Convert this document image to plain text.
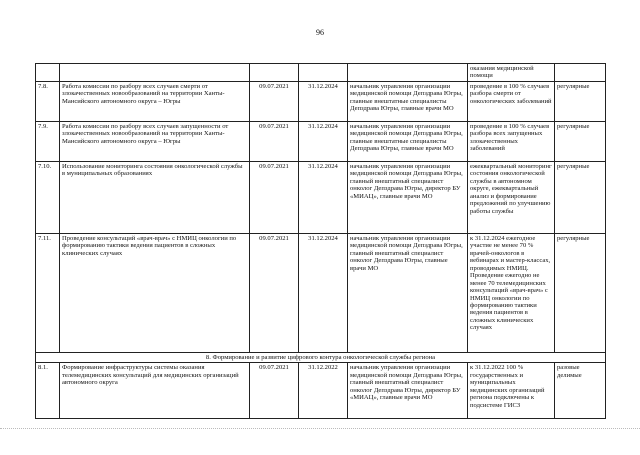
96
					оказания медицинской помощи	
7.8.	Работа комиссии по разбору всех случаев смерти от злокачественных новообразований на территории Ханты-Мансийского автономного округа – Югры	09.07.2021	31.12.2024	начальник управления организации медицинской помощи Депздрава Югры, главные внештатные специалисты Депздрава Югры, главные врачи МО	проведение в 100 % случаев разбора смерти от онкологических заболеваний	регулярные
7.9.	Работа комиссии по разбору всех случаев запущенности от злокачественных новообразований на территории Ханты-Мансийского автономного округа – Югры	09.07.2021	31.12.2024	начальник управления организации медицинской помощи Депздрава Югры, главные внештатные специалисты Депздрава Югры, главные врачи МО	проведение в 100 % случаев разбора всех запущенных злокачественных заболеваний	регулярные
7.10.	Использование мониторинга состояния онкологической службы в муниципальных образованиях	09.07.2021	31.12.2024	начальник управления организации медицинской помощи Депздрава Югры, главный внештатный специалист онколог Депздрава Югры, директор БУ «МИАЦ», главные врачи МО	ежеквартальный мониторинг состояния онкологической службы в автономном округе, ежеквартальный анализ и формирование предложений по улучшению работы службы	регулярные
7.11.	Проведение консультаций «врач-врач» с НМИЦ онкологии по формированию тактики ведения пациентов в сложных клинических случаях	09.07.2021	31.12.2024	начальник управления организации медицинской помощи Депздрава Югры, главный внештатный специалист онколог Депздрава Югры, главные врачи МО	к 31.12.2024 ежегодное участие не менее 70 % врачей-онкологов в вебинарах и мастер-классах, проводимых НМИЦ. Проведение ежегодно не менее 70 телемедицинских консультаций «врач-врач» с НМИЦ онкологии по формированию тактики ведения пациентов в сложных клинических случаях	регулярные
8. Формирование и развитие цифрового контура онкологической службы региона						
8.1.	Формирование инфраструктуры системы оказания телемедицинских консультаций для медицинских организаций автономного округа	09.07.2021	31.12.2022	начальник управления организации медицинской помощи Депздрава Югры, главный внештатный специалист онколог Депздрава Югры, директор БУ «МИАЦ», главные врачи МО	к 31.12.2022 100 % государственных и муниципальных медицинских организаций региона подключены к подсистеме ГИСЗ	разовые делимые
